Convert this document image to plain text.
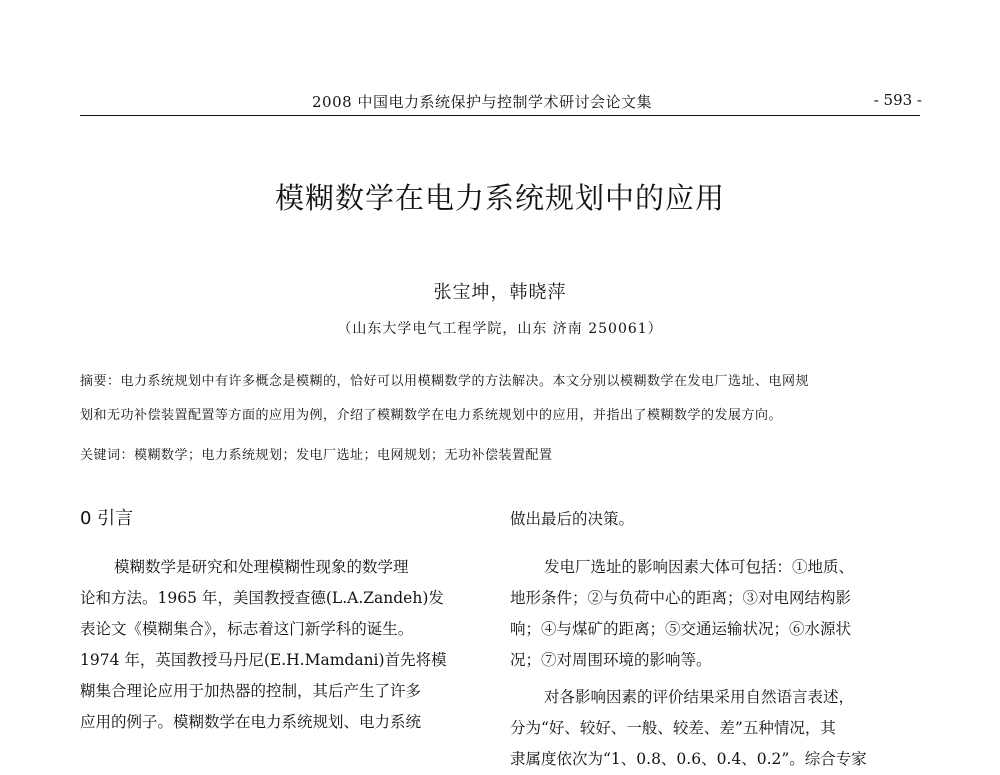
2008 中国电力系统保护与控制学术研讨会论文集	- 593 -
模糊数学在电力系统规划中的应用
张宝坤，韩晓萍
（山东大学电气工程学院，山东 济南 250061）
摘要：电力系统规划中有许多概念是模糊的，恰好可以用模糊数学的方法解决。本文分别以模糊数学在发电厂选址、电网规
划和无功补偿装置配置等方面的应用为例，介绍了模糊数学在电力系统规划中的应用，并指出了模糊数学的发展方向。
关键词：模糊数学；电力系统规划；发电厂选址；电网规划；无功补偿装置配置
0 引言
模糊数学是研究和处理模糊性现象的数学理
论和方法。1965 年，美国教授查德(L.A.Zandeh)发
表论文《模糊集合》，标志着这门新学科的诞生。
1974 年，英国教授马丹尼(E.H.Mamdani)首先将模
糊集合理论应用于加热器的控制，其后产生了许多
应用的例子。模糊数学在电力系统规划、电力系统
做出最后的决策。
发电厂选址的影响因素大体可包括：①地质、
地形条件；②与负荷中心的距离；③对电网结构影
响；④与煤矿的距离；⑤交通运输状况；⑥水源状
况；⑦对周围环境的影响等。
对各影响因素的评价结果采用自然语言表述，
分为“好、较好、一般、较差、差”五种情况，其
隶属度依次为“1、0.8、0.6、0.4、0.2”。综合专家
